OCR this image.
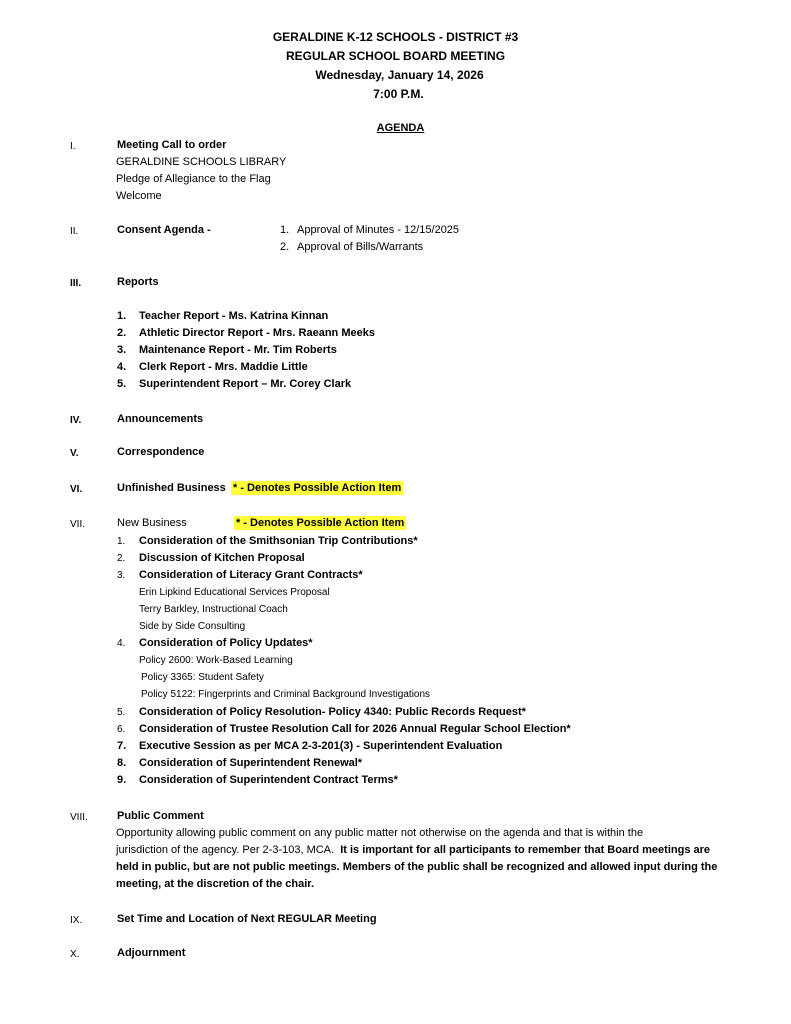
GERALDINE K-12 SCHOOLS - DISTRICT #3
REGULAR SCHOOL BOARD MEETING
Wednesday, January 14, 2026
7:00 P.M.
AGENDA
I.	Meeting Call to order
GERALDINE SCHOOLS LIBRARY
Pledge of Allegiance to the Flag
Welcome
II.	Consent Agenda -	1. Approval of Minutes - 12/15/2025
2. Approval of Bills/Warrants
III.	Reports
1. Teacher Report - Ms. Katrina Kinnan
2. Athletic Director Report - Mrs. Raeann Meeks
3. Maintenance Report - Mr. Tim Roberts
4. Clerk Report - Mrs. Maddie Little
5. Superintendent Report – Mr. Corey Clark
IV.	Announcements
V.	Correspondence
VI.	Unfinished Business * - Denotes Possible Action Item
VII.	New Business	* - Denotes Possible Action Item
1. Consideration of the Smithsonian Trip Contributions*
2. Discussion of Kitchen Proposal
3. Consideration of Literacy Grant Contracts*
Erin Lipkind Educational Services Proposal
Terry Barkley, Instructional Coach
Side by Side Consulting
4. Consideration of Policy Updates*
Policy 2600: Work-Based Learning
Policy 3365: Student Safety
Policy 5122: Fingerprints and Criminal Background Investigations
5. Consideration of Policy Resolution- Policy 4340: Public Records Request*
6. Consideration of Trustee Resolution Call for 2026 Annual Regular School Election*
7. Executive Session as per MCA 2-3-201(3) - Superintendent Evaluation
8. Consideration of Superintendent Renewal*
9. Consideration of Superintendent Contract Terms*
VIII.	Public Comment
Opportunity allowing public comment on any public matter not otherwise on the agenda and that is within the
jurisdiction of the agency. Per 2-3-103, MCA. It is important for all participants to remember that Board meetings are
held in public, but are not public meetings. Members of the public shall be recognized and allowed input during the
meeting, at the discretion of the chair.
IX.	Set Time and Location of Next REGULAR Meeting
X.	Adjournment
